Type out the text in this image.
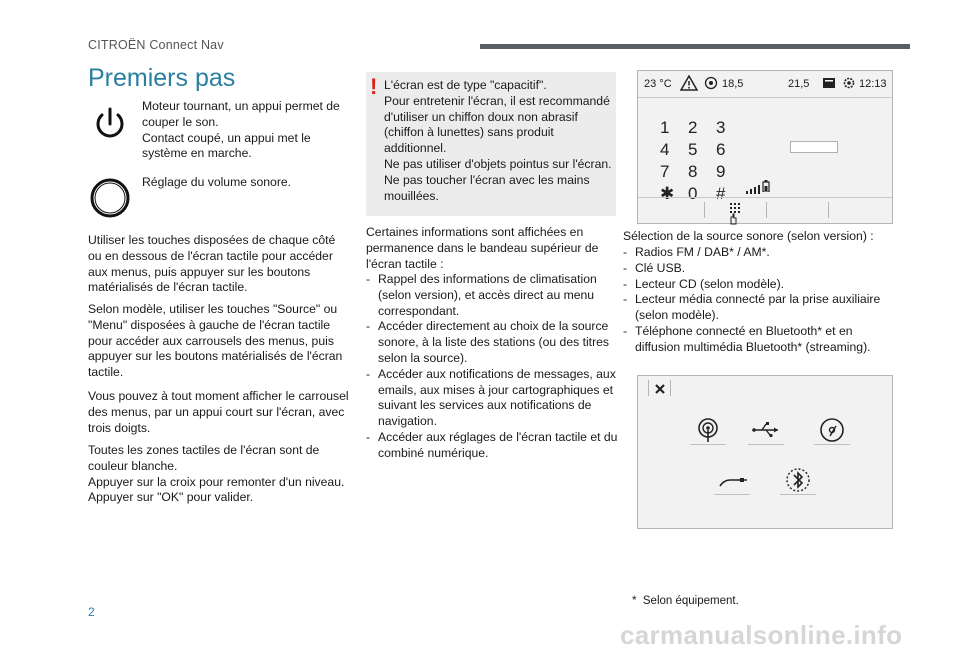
CITROËN Connect Nav
Premiers pas

Moteur tournant, un appui permet de couper le son.
Contact coupé, un appui met le système en marche.

Réglage du volume sonore.

Utiliser les touches disposées de chaque côté ou en dessous de l'écran tactile pour accéder aux menus, puis appuyer sur les boutons matérialisés de l'écran tactile.

Selon modèle, utiliser les touches "Source" ou "Menu" disposées à gauche de l'écran tactile pour accéder aux carrousels des menus, puis appuyer sur les boutons matérialisés de l'écran tactile.

Vous pouvez à tout moment afficher le carrousel des menus, par un appui court sur l'écran, avec trois doigts.

Toutes les zones tactiles de l'écran sont de couleur blanche.
Appuyer sur la croix pour remonter d'un niveau.
Appuyer sur "OK" pour valider.

! L'écran est de type "capacitif".
Pour entretenir l'écran, il est recommandé d'utiliser un chiffon doux non abrasif (chiffon à lunettes) sans produit additionnel.
Ne pas utiliser d'objets pointus sur l'écran.
Ne pas toucher l'écran avec les mains mouillées.

Certaines informations sont affichées en permanence dans le bandeau supérieur de l'écran tactile :

- Rappel des informations de climatisation (selon version), et accès direct au menu correspondant.
- Accéder directement au choix de la source sonore, à la liste des stations (ou des titres selon la source).
- Accéder aux notifications de messages, aux emails, aux mises à jour cartographiques et suivant les services aux notifications de navigation.
- Accéder aux réglages de l'écran tactile et du combiné numérique.
23 °C	18,5	21,5	12:13
1 2 3
4 5 6
7 8 9
✱ 0 #

Sélection de la source sonore (selon version) :

- Radios FM / DAB* / AM*.
- Clé USB.
- Lecteur CD (selon modèle).
- Lecteur média connecté par la prise auxiliaire (selon modèle).
- Téléphone connecté en Bluetooth* et en diffusion multimédia Bluetooth* (streaming).
* Selon équipement.
2
carmanualsonline.info
